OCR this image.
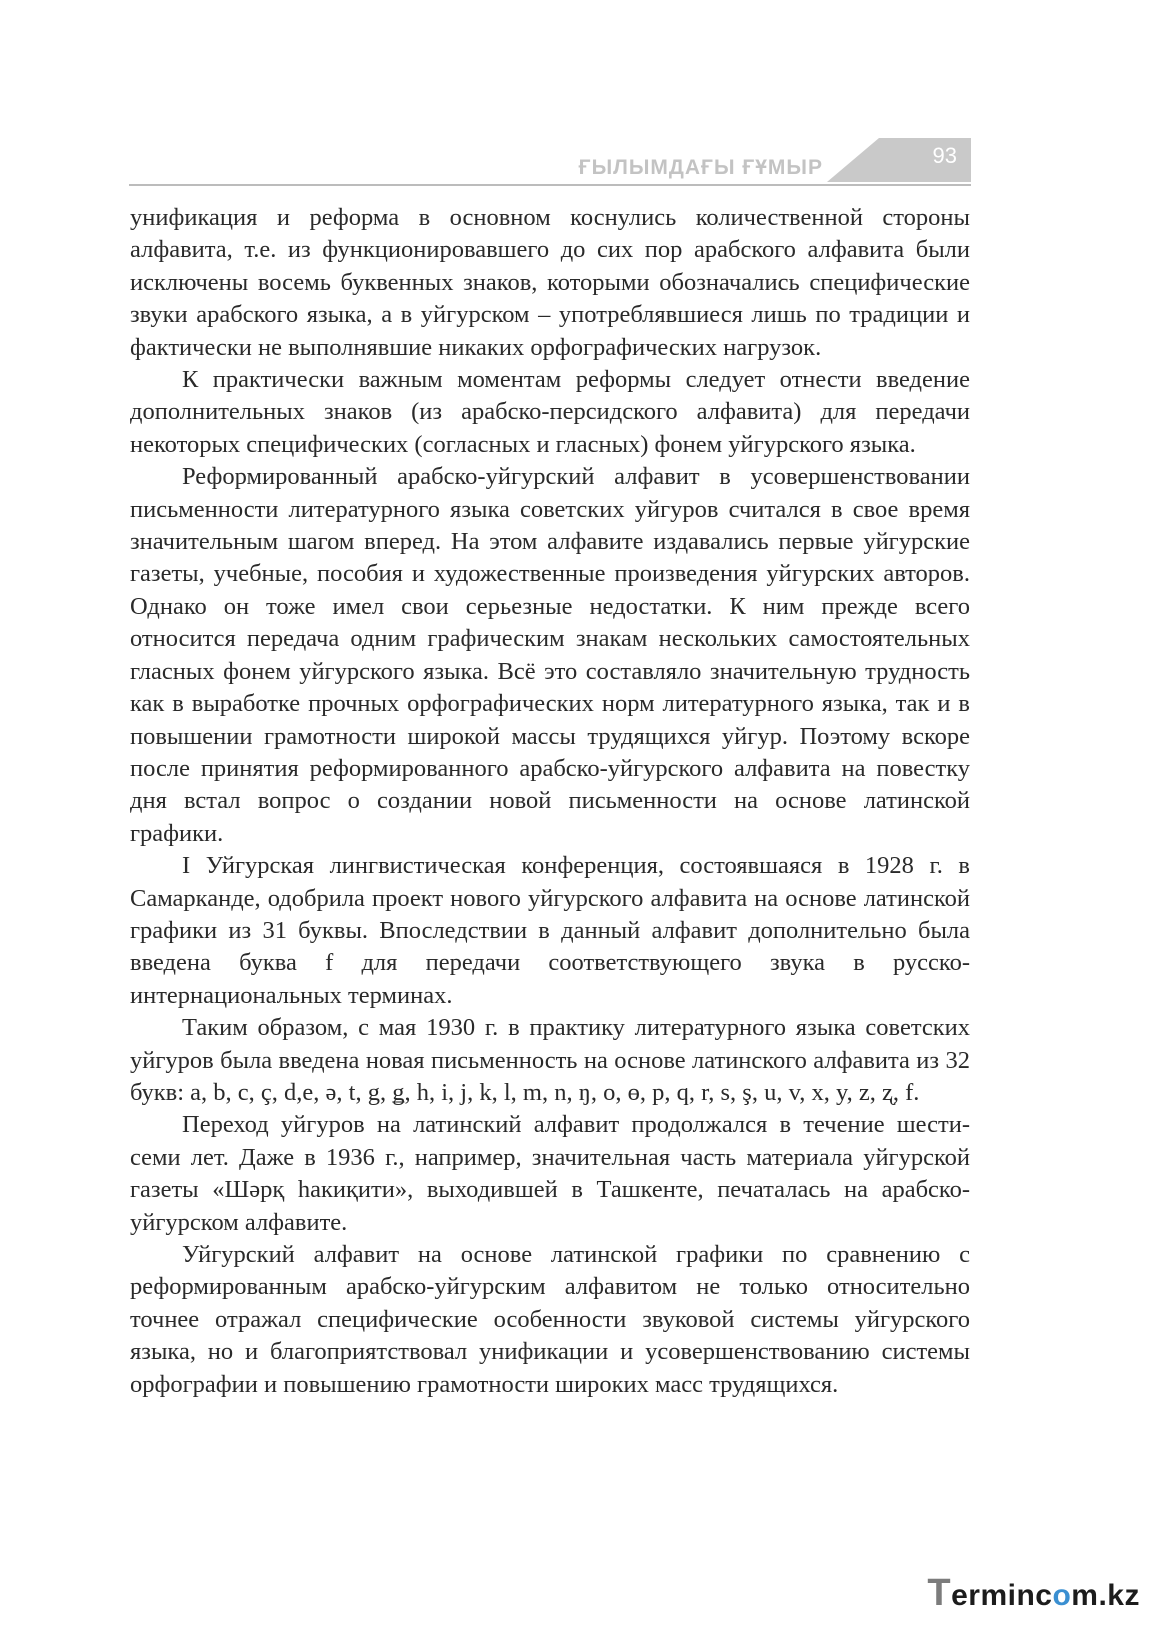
ҒЫЛЫМДАҒЫ ҒҰМЫР	93

унификация и реформа в основном коснулись количественной стороны алфавита, т.е. из функционировавшего до сих пор арабского алфавита были исключены восемь буквенных знаков, которыми обозначались специфические звуки арабского языка, а в уйгурском – употреблявшиеся лишь по традиции и фактически не выполнявшие никаких орфографических нагрузок.

К практически важным моментам реформы следует отнести введение дополнительных знаков (из арабско-персидского алфавита) для передачи некоторых специфических (согласных и гласных) фонем уйгурского языка.

Реформированный арабско-уйгурский алфавит в усовершенствовании письменности литературного языка советских уйгуров считался в свое время значительным шагом вперед. На этом алфавите издавались первые уйгурские газеты, учебные, пособия и художественные произведения уйгурских авторов. Однако он тоже имел свои серьезные недостатки. К ним прежде всего относится передача одним графическим знакам нескольких самостоятельных гласных фонем уйгурского языка. Всё это составляло значительную трудность как в выработке прочных орфографических норм литературного языка, так и в повышении грамотности широкой массы трудящихся уйгур. Поэтому вскоре после принятия реформированного арабско-уйгурского алфавита на повестку дня встал вопрос о создании новой письменности на основе латинской графики.

I Уйгурская лингвистическая конференция, состоявшаяся в 1928 г. в Самарканде, одобрила проект нового уйгурского алфавита на основе латинской графики из 31 буквы. Впоследствии в данный алфавит дополнительно была введена буква f для передачи соответствующего звука в русско-интернациональных терминах.

Таким образом, с мая 1930 г. в практику литературного языка советских уйгуров была введена новая письменность на основе латинского алфавита из 32 букв: a, b, c, ç, d,e, ə, t, g, ǥ, h, i, j, k, l, m, n, ŋ, o, ɵ, p, q, r, s, ş, u, v, x, y, z, ʐ, f.

Переход уйгуров на латинский алфавит продолжался в течение шести-семи лет. Даже в 1936 г., например, значительная часть материала уйгурской газеты «Шәрқ һакиқити», выходившей в Ташкенте, печаталась на арабско-уйгурском алфавите.

Уйгурский алфавит на основе латинской графики по сравнению с реформированным арабско-уйгурским алфавитом не только относительно точнее отражал специфические особенности звуковой системы уйгурского языка, но и благоприятствовал унификации и усовершенствованию системы орфографии и повышению грамотности широких масс трудящихся.

Termincom.kz
